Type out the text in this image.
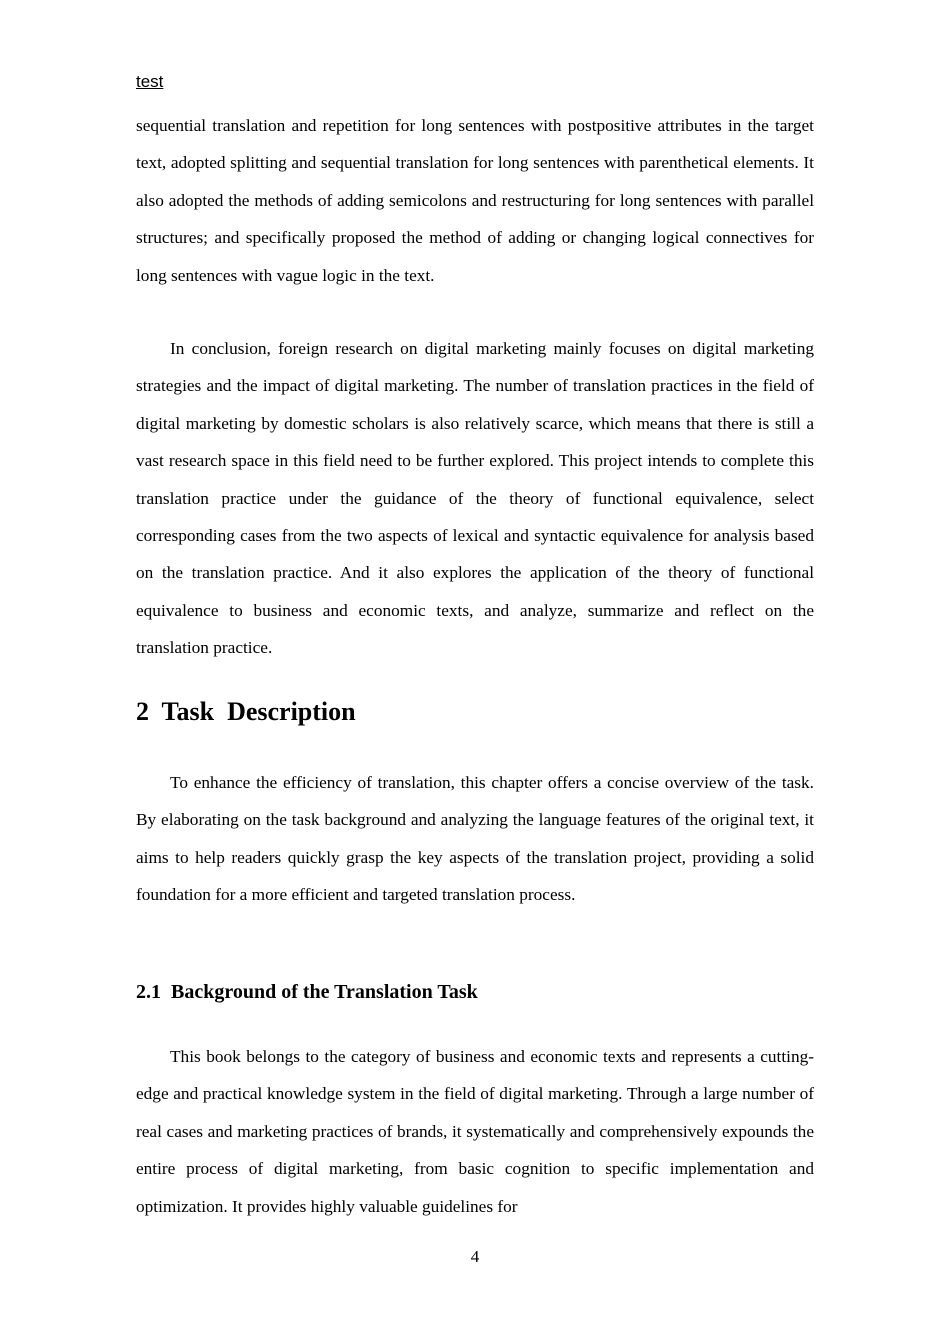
test

sequential translation and repetition for long sentences with postpositive attributes in the target text, adopted splitting and sequential translation for long sentences with parenthetical elements. It also adopted the methods of adding semicolons and restructuring for long sentences with parallel structures; and specifically proposed the method of adding or changing logical connectives for long sentences with vague logic in the text.

In conclusion, foreign research on digital marketing mainly focuses on digital marketing strategies and the impact of digital marketing. The number of translation practices in the field of digital marketing by domestic scholars is also relatively scarce, which means that there is still a vast research space in this field need to be further explored. This project intends to complete this translation practice under the guidance of the theory of functional equivalence, select corresponding cases from the two aspects of lexical and syntactic equivalence for analysis based on the translation practice. And it also explores the application of the theory of functional equivalence to business and economic texts, and analyze, summarize and reflect on the translation practice.

2  Task  Description

To enhance the efficiency of translation, this chapter offers a concise overview of the task. By elaborating on the task background and analyzing the language features of the original text, it aims to help readers quickly grasp the key aspects of the translation project, providing a solid foundation for a more efficient and targeted translation process.

2.1  Background of the Translation Task

This book belongs to the category of business and economic texts and represents a cutting-edge and practical knowledge system in the field of digital marketing. Through a large number of real cases and marketing practices of brands, it systematically and comprehensively expounds the entire process of digital marketing, from basic cognition to specific implementation and optimization. It provides highly valuable guidelines for

4
